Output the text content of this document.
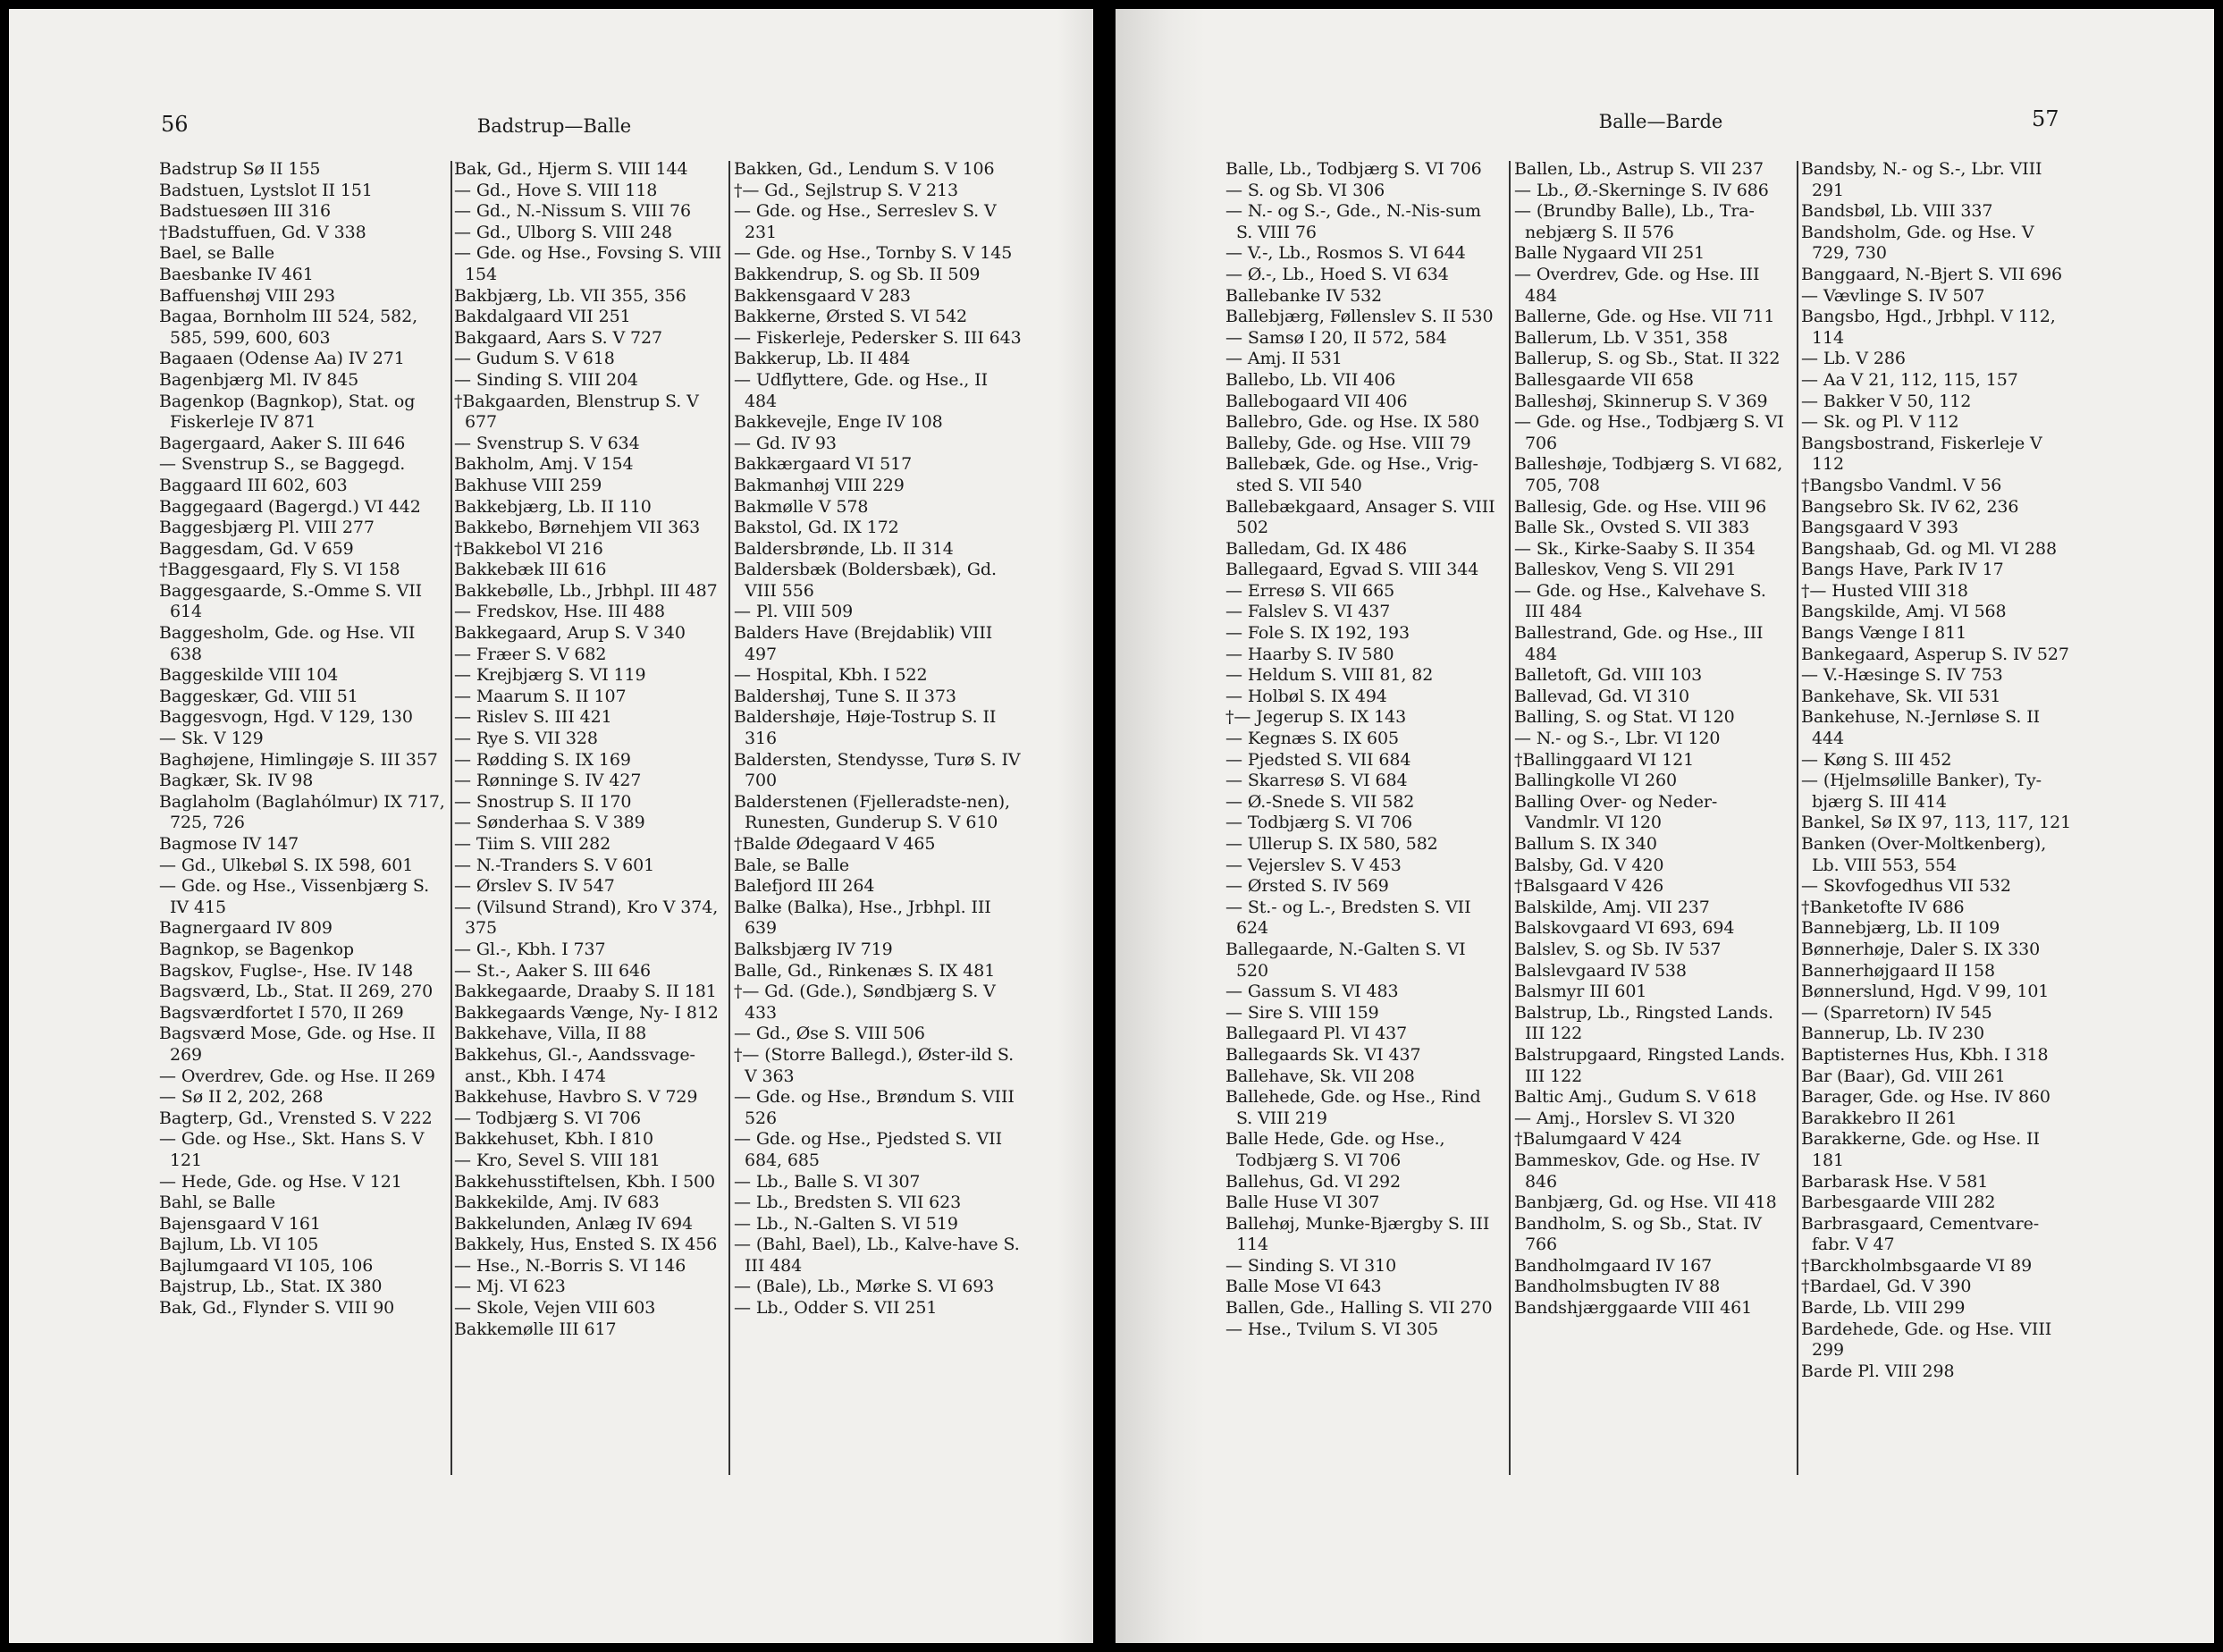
56	Badstrup—Balle
Badstrup Sø II 155
Badstuen, Lystslot II 151
Badstuesøen III 316
†Badstuffuen, Gd. V 338
Bael, se Balle
Baesbanke IV 461
Baffuenshøj VIII 293
Bagaa, Bornholm III 524, 582, 585, 599, 600, 603
Bagaaen (Odense Aa) IV 271
Bagenbjærg Ml. IV 845
Bagenkop (Bagnkop), Stat. og Fiskerleje IV 871
Bagergaard, Aaker S. III 646
— Svenstrup S., se Baggegd.
Baggaard III 602, 603
Baggegaard (Bagergd.) VI 442
Baggesbjærg Pl. VIII 277
Baggesdam, Gd. V 659
†Baggesgaard, Fly S. VI 158
Baggesgaarde, S.-Omme S. VII 614
Baggesholm, Gde. og Hse. VII 638
Baggeskilde VIII 104
Baggeskær, Gd. VIII 51
Baggesvogn, Hgd. V 129, 130
— Sk. V 129
Baghøjene, Himlingøje S. III 357
Bagkær, Sk. IV 98
Baglaholm (Baglahólmur) IX 717, 725, 726
Bagmose IV 147
— Gd., Ulkebøl S. IX 598, 601
— Gde. og Hse., Vissenbjærg S. IV 415
Bagnergaard IV 809
Bagnkop, se Bagenkop
Bagskov, Fuglse-, Hse. IV 148
Bagsværd, Lb., Stat. II 269, 270
Bagsværdfortet I 570, II 269
Bagsværd Mose, Gde. og Hse. II 269
— Overdrev, Gde. og Hse. II 269
— Sø II 2, 202, 268
Bagterp, Gd., Vrensted S. V 222
— Gde. og Hse., Skt. Hans S. V 121
— Hede, Gde. og Hse. V 121
Bahl, se Balle
Bajensgaard V 161
Bajlum, Lb. VI 105
Bajlumgaard VI 105, 106
Bajstrup, Lb., Stat. IX 380
Bak, Gd., Flynder S. VIII 90
Bak, Gd., Hjerm S. VIII 144
— Gd., Hove S. VIII 118
— Gd., N.-Nissum S. VIII 76
— Gd., Ulborg S. VIII 248
— Gde. og Hse., Fovsing S. VIII 154
Bakbjærg, Lb. VII 355, 356
Bakdalgaard VII 251
Bakgaard, Aars S. V 727
— Gudum S. V 618
— Sinding S. VIII 204
†Bakgaarden, Blenstrup S. V 677
— Svenstrup S. V 634
Bakholm, Amj. V 154
Bakhuse VIII 259
Bakkebjærg, Lb. II 110
Bakkebo, Børnehjem VII 363
†Bakkebol VI 216
Bakkebæk III 616
Bakkebølle, Lb., Jrbhpl. III 487
— Fredskov, Hse. III 488
Bakkegaard, Arup S. V 340
— Fræer S. V 682
— Krejbjærg S. VI 119
— Maarum S. II 107
— Rislev S. III 421
— Rye S. VII 328
— Rødding S. IX 169
— Rønninge S. IV 427
— Snostrup S. II 170
— Sønderhaa S. V 389
— Tiim S. VIII 282
— N.-Tranders S. V 601
— Ørslev S. IV 547
— (Vilsund Strand), Kro V 374, 375
— Gl.-, Kbh. I 737
— St.-, Aaker S. III 646
Bakkegaarde, Draaby S. II 181
Bakkegaards Vænge, Ny- I 812
Bakkehave, Villa, II 88
Bakkehus, Gl.-, Aandssvage-anst., Kbh. I 474
Bakkehuse, Havbro S. V 729
— Todbjærg S. VI 706
Bakkehuset, Kbh. I 810
— Kro, Sevel S. VIII 181
Bakkehusstiftelsen, Kbh. I 500
Bakkekilde, Amj. IV 683
Bakkelunden, Anlæg IV 694
Bakkely, Hus, Ensted S. IX 456
— Hse., N.-Borris S. VI 146
— Mj. VI 623
— Skole, Vejen VIII 603
Bakkemølle III 617
Bakken, Gd., Lendum S. V 106
†— Gd., Sejlstrup S. V 213
— Gde. og Hse., Serreslev S. V 231
— Gde. og Hse., Tornby S. V 145
Bakkendrup, S. og Sb. II 509
Bakkensgaard V 283
Bakkerne, Ørsted S. VI 542
— Fiskerleje, Pedersker S. III 643
Bakkerup, Lb. II 484
— Udflyttere, Gde. og Hse., II 484
Bakkevejle, Enge IV 108
— Gd. IV 93
Bakkærgaard VI 517
Bakmanhøj VIII 229
Bakmølle V 578
Bakstol, Gd. IX 172
Baldersbrønde, Lb. II 314
Baldersbæk (Boldersbæk), Gd. VIII 556
— Pl. VIII 509
Balders Have (Brejdablik) VIII 497
— Hospital, Kbh. I 522
Baldershøj, Tune S. II 373
Baldershøje, Høje-Tostrup S. II 316
Baldersten, Stendysse, Turø S. IV 700
Balderstenen (Fjelleradste-nen), Runesten, Gunderup S. V 610
†Balde Ødegaard V 465
Bale, se Balle
Balefjord III 264
Balke (Balka), Hse., Jrbhpl. III 639
Balksbjærg IV 719
Balle, Gd., Rinkenæs S. IX 481
†— Gd. (Gde.), Søndbjærg S. V 433
— Gd., Øse S. VIII 506
†— (Storre Ballegd.), Øster-ild S. V 363
— Gde. og Hse., Brøndum S. VIII 526
— Gde. og Hse., Pjedsted S. VII 684, 685
— Lb., Balle S. VI 307
— Lb., Bredsten S. VII 623
— Lb., N.-Galten S. VI 519
— (Bahl, Bael), Lb., Kalve-have S. III 484
— (Bale), Lb., Mørke S. VI 693
— Lb., Odder S. VII 251
57
Balle—Barde
Balle, Lb., Todbjærg S. VI 706
— S. og Sb. VI 306
— N.- og S.-, Gde., N.-Nis-sum S. VIII 76
— V.-, Lb., Rosmos S. VI 644
— Ø.-, Lb., Hoed S. VI 634
Ballebanke IV 532
Ballebjærg, Føllenslev S. II 530
— Samsø I 20, II 572, 584
— Amj. II 531
Ballebo, Lb. VII 406
Ballebogaard VII 406
Ballebro, Gde. og Hse. IX 580
Balleby, Gde. og Hse. VIII 79
Ballebæk, Gde. og Hse., Vrig-sted S. VII 540
Ballebækgaard, Ansager S. VIII 502
Balledam, Gd. IX 486
Ballegaard, Egvad S. VIII 344
— Erresø S. VII 665
— Falslev S. VI 437
— Fole S. IX 192, 193
— Haarby S. IV 580
— Heldum S. VIII 81, 82
— Holbøl S. IX 494
†— Jegerup S. IX 143
— Kegnæs S. IX 605
— Pjedsted S. VII 684
— Skarresø S. VI 684
— Ø.-Snede S. VII 582
— Todbjærg S. VI 706
— Ullerup S. IX 580, 582
— Vejerslev S. V 453
— Ørsted S. IV 569
— St.- og L.-, Bredsten S. VII 624
Ballegaarde, N.-Galten S. VI 520
— Gassum S. VI 483
— Sire S. VIII 159
Ballegaard Pl. VI 437
Ballegaards Sk. VI 437
Ballehave, Sk. VII 208
Ballehede, Gde. og Hse., Rind S. VIII 219
Balle Hede, Gde. og Hse., Todbjærg S. VI 706
Ballehus, Gd. VI 292
Balle Huse VI 307
Ballehøj, Munke-Bjærgby S. III 114
— Sinding S. VI 310
Balle Mose VI 643
Ballen, Gde., Halling S. VII 270
— Hse., Tvilum S. VI 305
Ballen, Lb., Astrup S. VII 237
— Lb., Ø.-Skerninge S. IV 686
— (Brundby Balle), Lb., Tra-nebjærg S. II 576
Balle Nygaard VII 251
— Overdrev, Gde. og Hse. III 484
Ballerne, Gde. og Hse. VII 711
Ballerum, Lb. V 351, 358
Ballerup, S. og Sb., Stat. II 322
Ballesgaarde VII 658
Balleshøj, Skinnerup S. V 369
— Gde. og Hse., Todbjærg S. VI 706
Balleshøje, Todbjærg S. VI 682, 705, 708
Ballesig, Gde. og Hse. VIII 96
Balle Sk., Ovsted S. VII 383
— Sk., Kirke-Saaby S. II 354
Balleskov, Veng S. VII 291
— Gde. og Hse., Kalvehave S. III 484
Ballestrand, Gde. og Hse., III 484
Balletoft, Gd. VIII 103
Ballevad, Gd. VI 310
Balling, S. og Stat. VI 120
— N.- og S.-, Lbr. VI 120
†Ballinggaard VI 121
Ballingkolle VI 260
Balling Over- og Neder-Vandmlr. VI 120
Ballum S. IX 340
Balsby, Gd. V 420
†Balsgaard V 426
Balskilde, Amj. VII 237
Balskovgaard VI 693, 694
Balslev, S. og Sb. IV 537
Balslevgaard IV 538
Balsmyr III 601
Balstrup, Lb., Ringsted Lands. III 122
Balstrupgaard, Ringsted Lands. III 122
Baltic Amj., Gudum S. V 618
— Amj., Horslev S. VI 320
†Balumgaard V 424
Bammeskov, Gde. og Hse. IV 846
Banbjærg, Gd. og Hse. VII 418
Bandholm, S. og Sb., Stat. IV 766
Bandholmgaard IV 167
Bandholmsbugten IV 88
Bandshjærggaarde VIII 461
Bandsby, N.- og S.-, Lbr. VIII 291
Bandsbøl, Lb. VIII 337
Bandsholm, Gde. og Hse. V 729, 730
Banggaard, N.-Bjert S. VII 696
— Vævlinge S. IV 507
Bangsbo, Hgd., Jrbhpl. V 112, 114
— Lb. V 286
— Aa V 21, 112, 115, 157
— Bakker V 50, 112
— Sk. og Pl. V 112
Bangsbostrand, Fiskerleje V 112
†Bangsbo Vandml. V 56
Bangsebro Sk. IV 62, 236
Bangsgaard V 393
Bangshaab, Gd. og Ml. VI 288
Bangs Have, Park IV 17
†— Husted VIII 318
Bangskilde, Amj. VI 568
Bangs Vænge I 811
Bankegaard, Asperup S. IV 527
— V.-Hæsinge S. IV 753
Bankehave, Sk. VII 531
Bankehuse, N.-Jernløse S. II 444
— Køng S. III 452
— (Hjelmsølille Banker), Ty-bjærg S. III 414
Bankel, Sø IX 97, 113, 117, 121
Banken (Over-Moltkenberg), Lb. VIII 553, 554
— Skovfogedhus VII 532
†Banketofte IV 686
Bannebjærg, Lb. II 109
Bønnerhøje, Daler S. IX 330
Bannerhøjgaard II 158
Bønnerslund, Hgd. V 99, 101
— (Sparretorn) IV 545
Bannerup, Lb. IV 230
Baptisternes Hus, Kbh. I 318
Bar (Baar), Gd. VIII 261
Barager, Gde. og Hse. IV 860
Barakkebro II 261
Barakkerne, Gde. og Hse. II 181
Barbarask Hse. V 581
Barbesgaarde VIII 282
Barbrasgaard, Cementvare-fabr. V 47
†Barckholmbsgaarde VI 89
†Bardael, Gd. V 390
Barde, Lb. VIII 299
Bardehede, Gde. og Hse. VIII 299
Barde Pl. VIII 298
